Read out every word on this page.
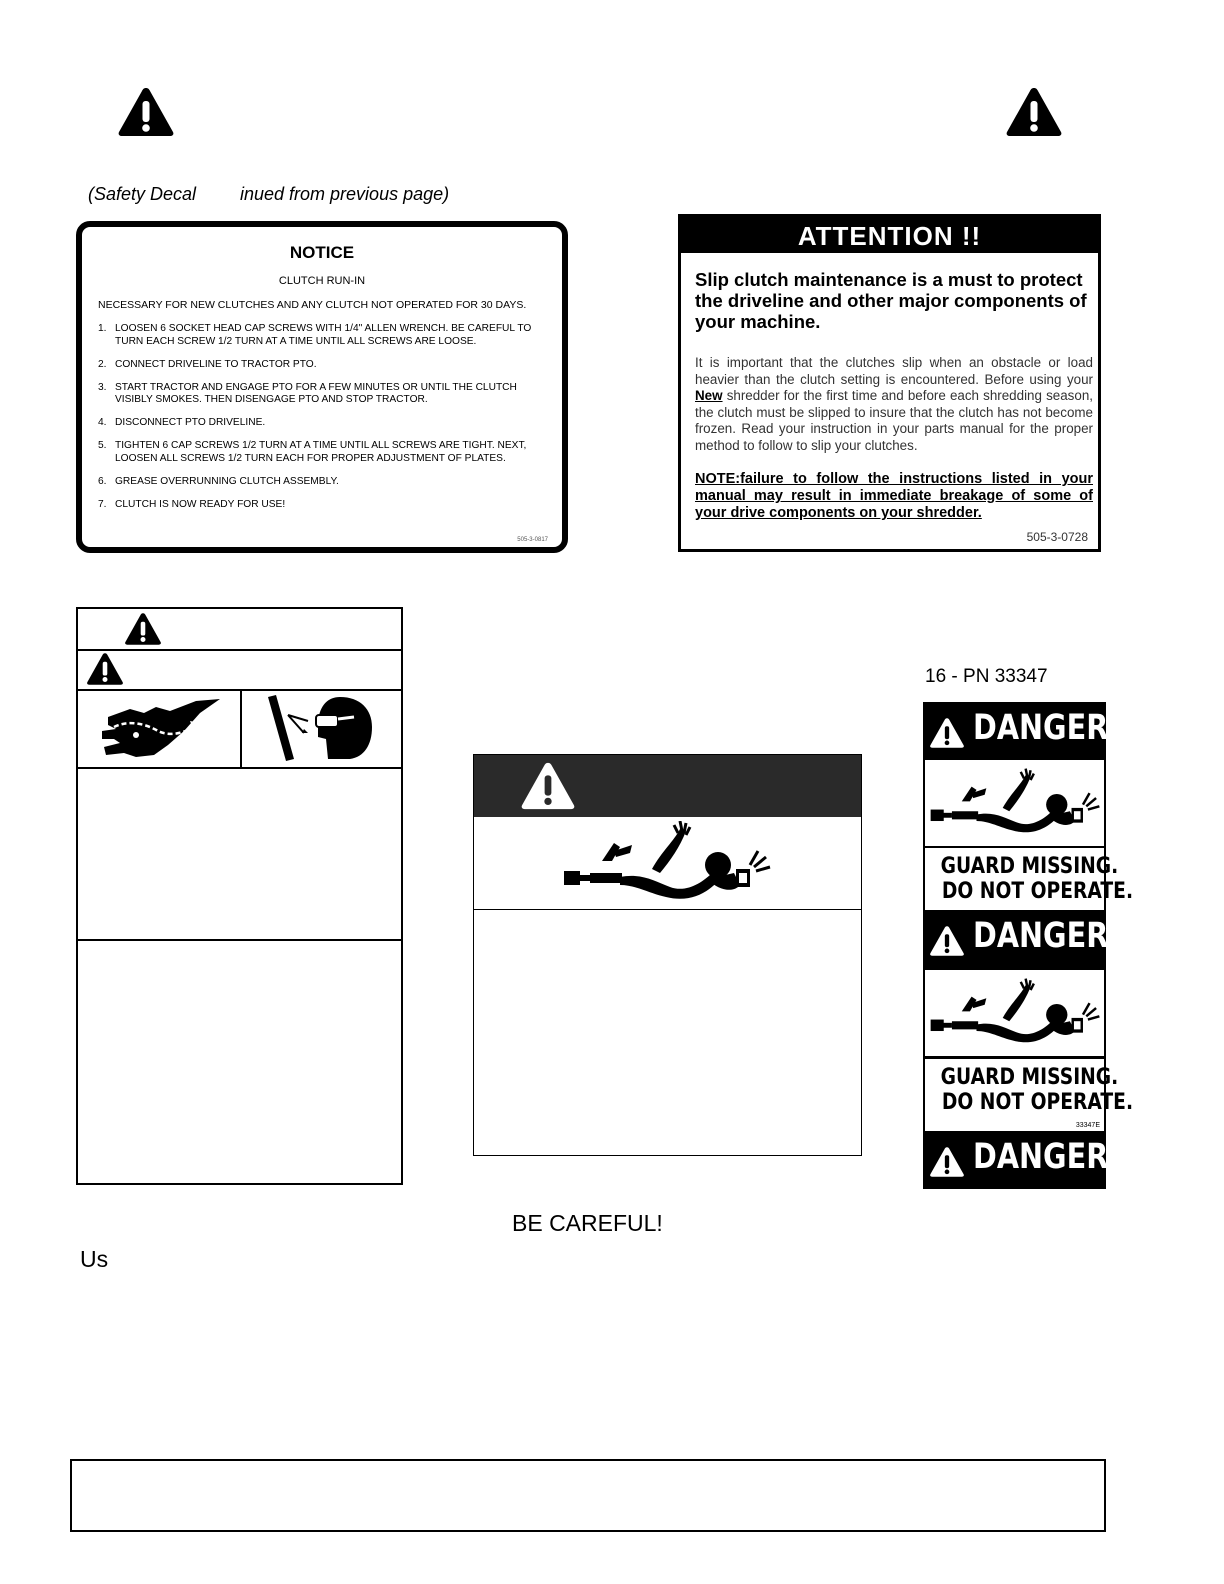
(Safety Decal inued from previous page)
NOTICE
CLUTCH RUN-IN
NECESSARY FOR NEW CLUTCHES AND ANY CLUTCH NOT OPERATED FOR 30 DAYS.
1. LOOSEN 6 SOCKET HEAD CAP SCREWS WITH 1/4" ALLEN WRENCH. BE CAREFUL TO TURN EACH SCREW 1/2 TURN AT A TIME UNTIL ALL SCREWS ARE LOOSE.
2. CONNECT DRIVELINE TO TRACTOR PTO.
3. START TRACTOR AND ENGAGE PTO FOR A FEW MINUTES OR UNTIL THE CLUTCH VISIBLY SMOKES. THEN DISENGAGE PTO AND STOP TRACTOR.
4. DISCONNECT PTO DRIVELINE.
5. TIGHTEN 6 CAP SCREWS 1/2 TURN AT A TIME UNTIL ALL SCREWS ARE TIGHT. NEXT, LOOSEN ALL SCREWS 1/2 TURN EACH FOR PROPER ADJUSTMENT OF PLATES.
6. GREASE OVERRUNNING CLUTCH ASSEMBLY.
7. CLUTCH IS NOW READY FOR USE!
505-3-0817
ATTENTION !!
Slip clutch maintenance is a must to protect the driveline and other major components of your machine.
It is important that the clutches slip when an obstacle or load heavier than the clutch setting is encountered. Before using your New shredder for the first time and before each shredding season, the clutch must be slipped to insure that the clutch has not become frozen. Read your instruction in your parts manual for the proper method to follow to slip your clutches.
NOTE:failure to follow the instructions listed in your manual may result in immediate breakage of some of your drive components on your shredder.
505-3-0728
16 - PN 33347
DANGER
GUARD MISSING.
DO NOT OPERATE.
DANGER
GUARD MISSING.
DO NOT OPERATE.
33347E
DANGER
BE CAREFUL!
Us
